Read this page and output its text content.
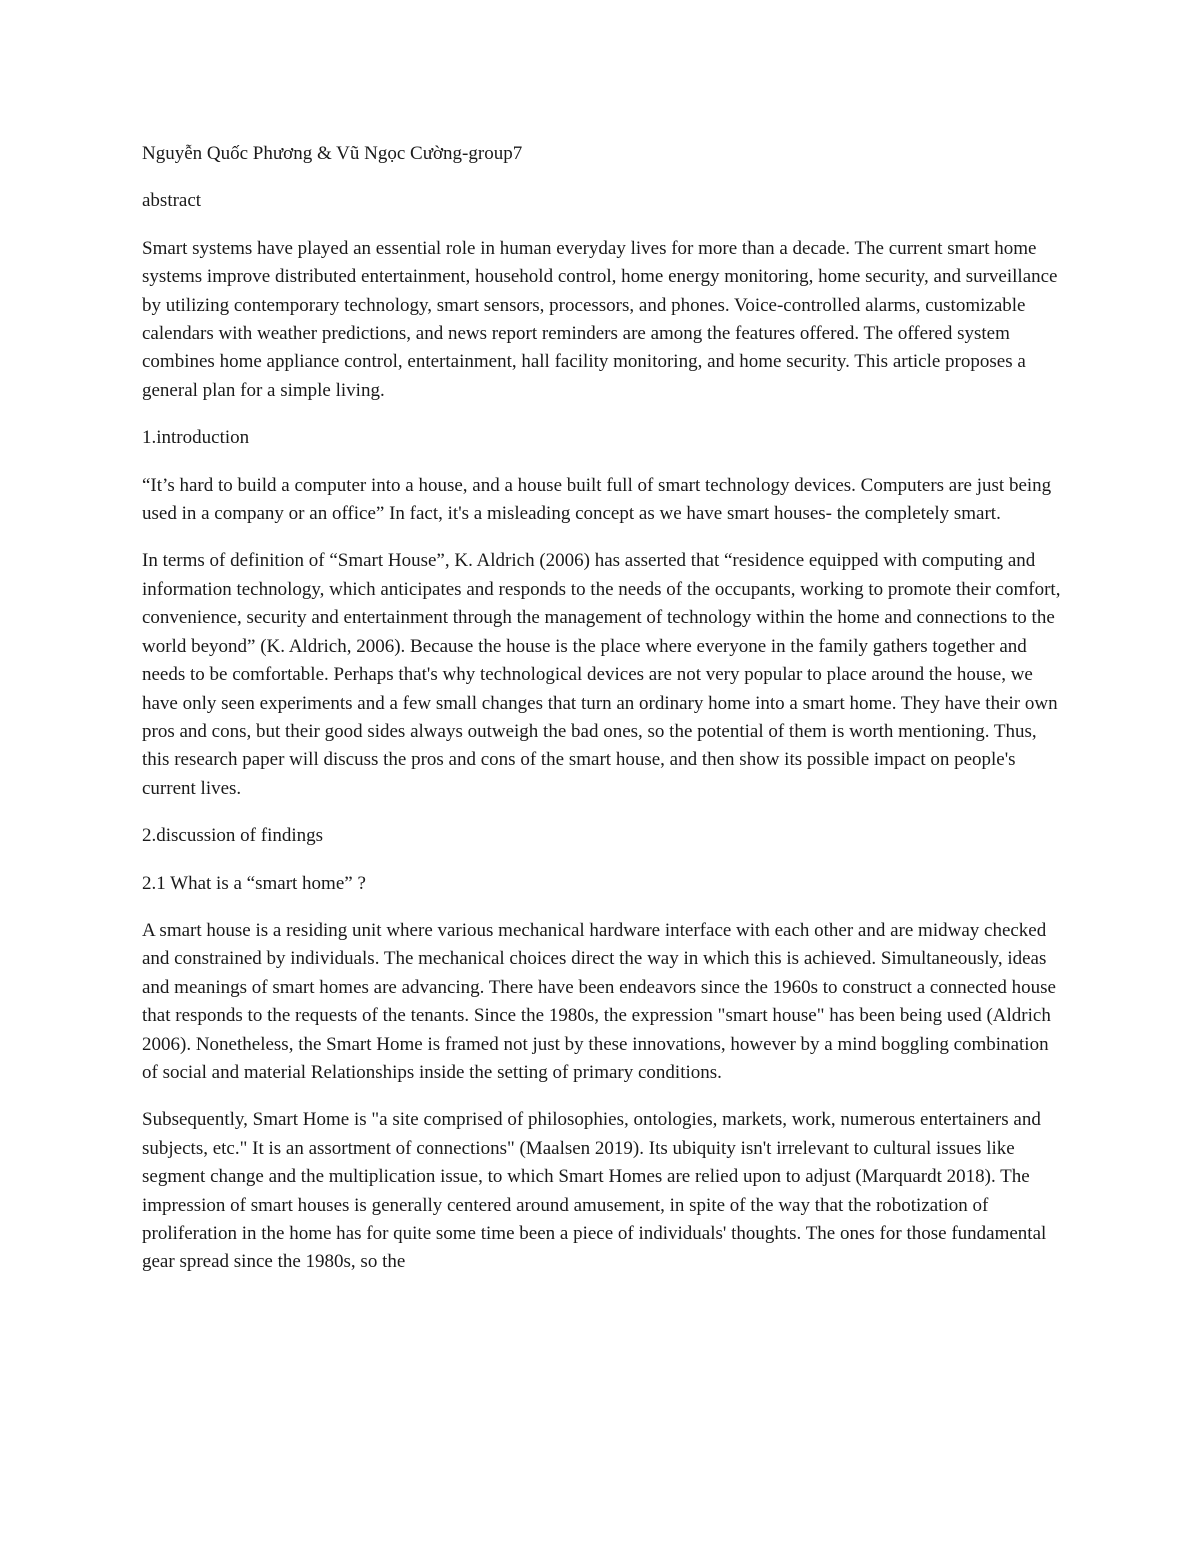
Nguyễn Quốc Phương & Vũ Ngọc Cường-group7

abstract

Smart systems have played an essential role in human everyday lives for more than a decade. The current smart home systems improve distributed entertainment, household control, home energy monitoring, home security, and surveillance by utilizing contemporary technology, smart sensors, processors, and phones. Voice-controlled alarms, customizable calendars with weather predictions, and news report reminders are among the features offered. The offered system combines home appliance control, entertainment, hall facility monitoring, and home security. This article proposes a general plan for a simple living.

1.introduction

“It’s hard to build a computer into a house, and a house built full of smart technology devices. Computers are just being used in a company or an office” In fact, it's a misleading concept as we have smart houses- the completely smart.

In terms of definition of “Smart House”, K. Aldrich (2006) has asserted that “residence equipped with computing and information technology, which anticipates and responds to the needs of the occupants, working to promote their comfort, convenience, security and entertainment through the management of technology within the home and connections to the world beyond” (K. Aldrich, 2006). Because the house is the place where everyone in the family gathers together and needs to be comfortable. Perhaps that's why technological devices are not very popular to place around the house, we have only seen experiments and a few small changes that turn an ordinary home into a smart home. They have their own pros and cons, but their good sides always outweigh the bad ones, so the potential of them is worth mentioning. Thus, this research paper will discuss the pros and cons of the smart house, and then show its possible impact on people's current lives.

2.discussion of findings

2.1 What is a “smart home” ?

A smart house is a residing unit where various mechanical hardware interface with each other and are midway checked and constrained by individuals. The mechanical choices direct the way in which this is achieved. Simultaneously, ideas and meanings of smart homes are advancing. There have been endeavors since the 1960s to construct a connected house that responds to the requests of the tenants. Since the 1980s, the expression "smart house" has been being used (Aldrich 2006). Nonetheless, the Smart Home is framed not just by these innovations, however by a mind boggling combination of social and material Relationships inside the setting of primary conditions.

Subsequently, Smart Home is "a site comprised of philosophies, ontologies, markets, work, numerous entertainers and subjects, etc." It is an assortment of connections" (Maalsen 2019). Its ubiquity isn't irrelevant to cultural issues like segment change and the multiplication issue, to which Smart Homes are relied upon to adjust (Marquardt 2018). The impression of smart houses is generally centered around amusement, in spite of the way that the robotization of proliferation in the home has for quite some time been a piece of individuals' thoughts. The ones for those fundamental gear spread since the 1980s, so the
